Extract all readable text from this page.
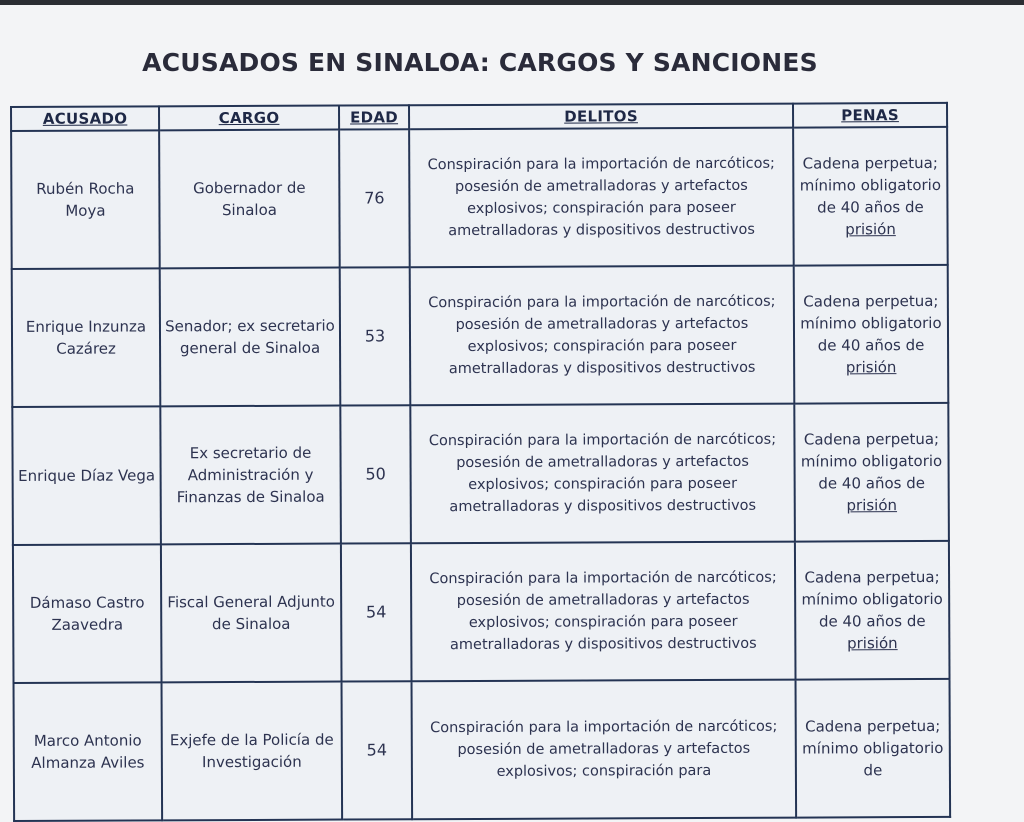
ACUSADOS EN SINALOA: CARGOS Y SANCIONES
ACUSADO	CARGO	EDAD	DELITOS	PENAS
Rubén Rocha Moya	Gobernador de Sinaloa	76	Conspiración para la importación de narcóticos; posesión de ametralladoras y artefactos explosivos; conspiración para poseer ametralladoras y dispositivos destructivos	Cadena perpetua; mínimo obligatorio de 40 años de prisión
Enrique Inzunza Cazárez	Senador; ex secretario general de Sinaloa	53	Conspiración para la importación de narcóticos; posesión de ametralladoras y artefactos explosivos; conspiración para poseer ametralladoras y dispositivos destructivos	Cadena perpetua; mínimo obligatorio de 40 años de prisión
Enrique Díaz Vega	Ex secretario de Administración y Finanzas de Sinaloa	50	Conspiración para la importación de narcóticos; posesión de ametralladoras y artefactos explosivos; conspiración para poseer ametralladoras y dispositivos destructivos	Cadena perpetua; mínimo obligatorio de 40 años de prisión
Dámaso Castro Zaavedra	Fiscal General Adjunto de Sinaloa	54	Conspiración para la importación de narcóticos; posesión de ametralladoras y artefactos explosivos; conspiración para poseer ametralladoras y dispositivos destructivos	Cadena perpetua; mínimo obligatorio de 40 años de prisión
Marco Antonio Almanza Aviles	Exjefe de la Policía de Investigación	54	Conspiración para la importación de narcóticos; posesión de ametralladoras y artefactos explosivos; conspiración para	Cadena perpetua; mínimo obligatorio de
